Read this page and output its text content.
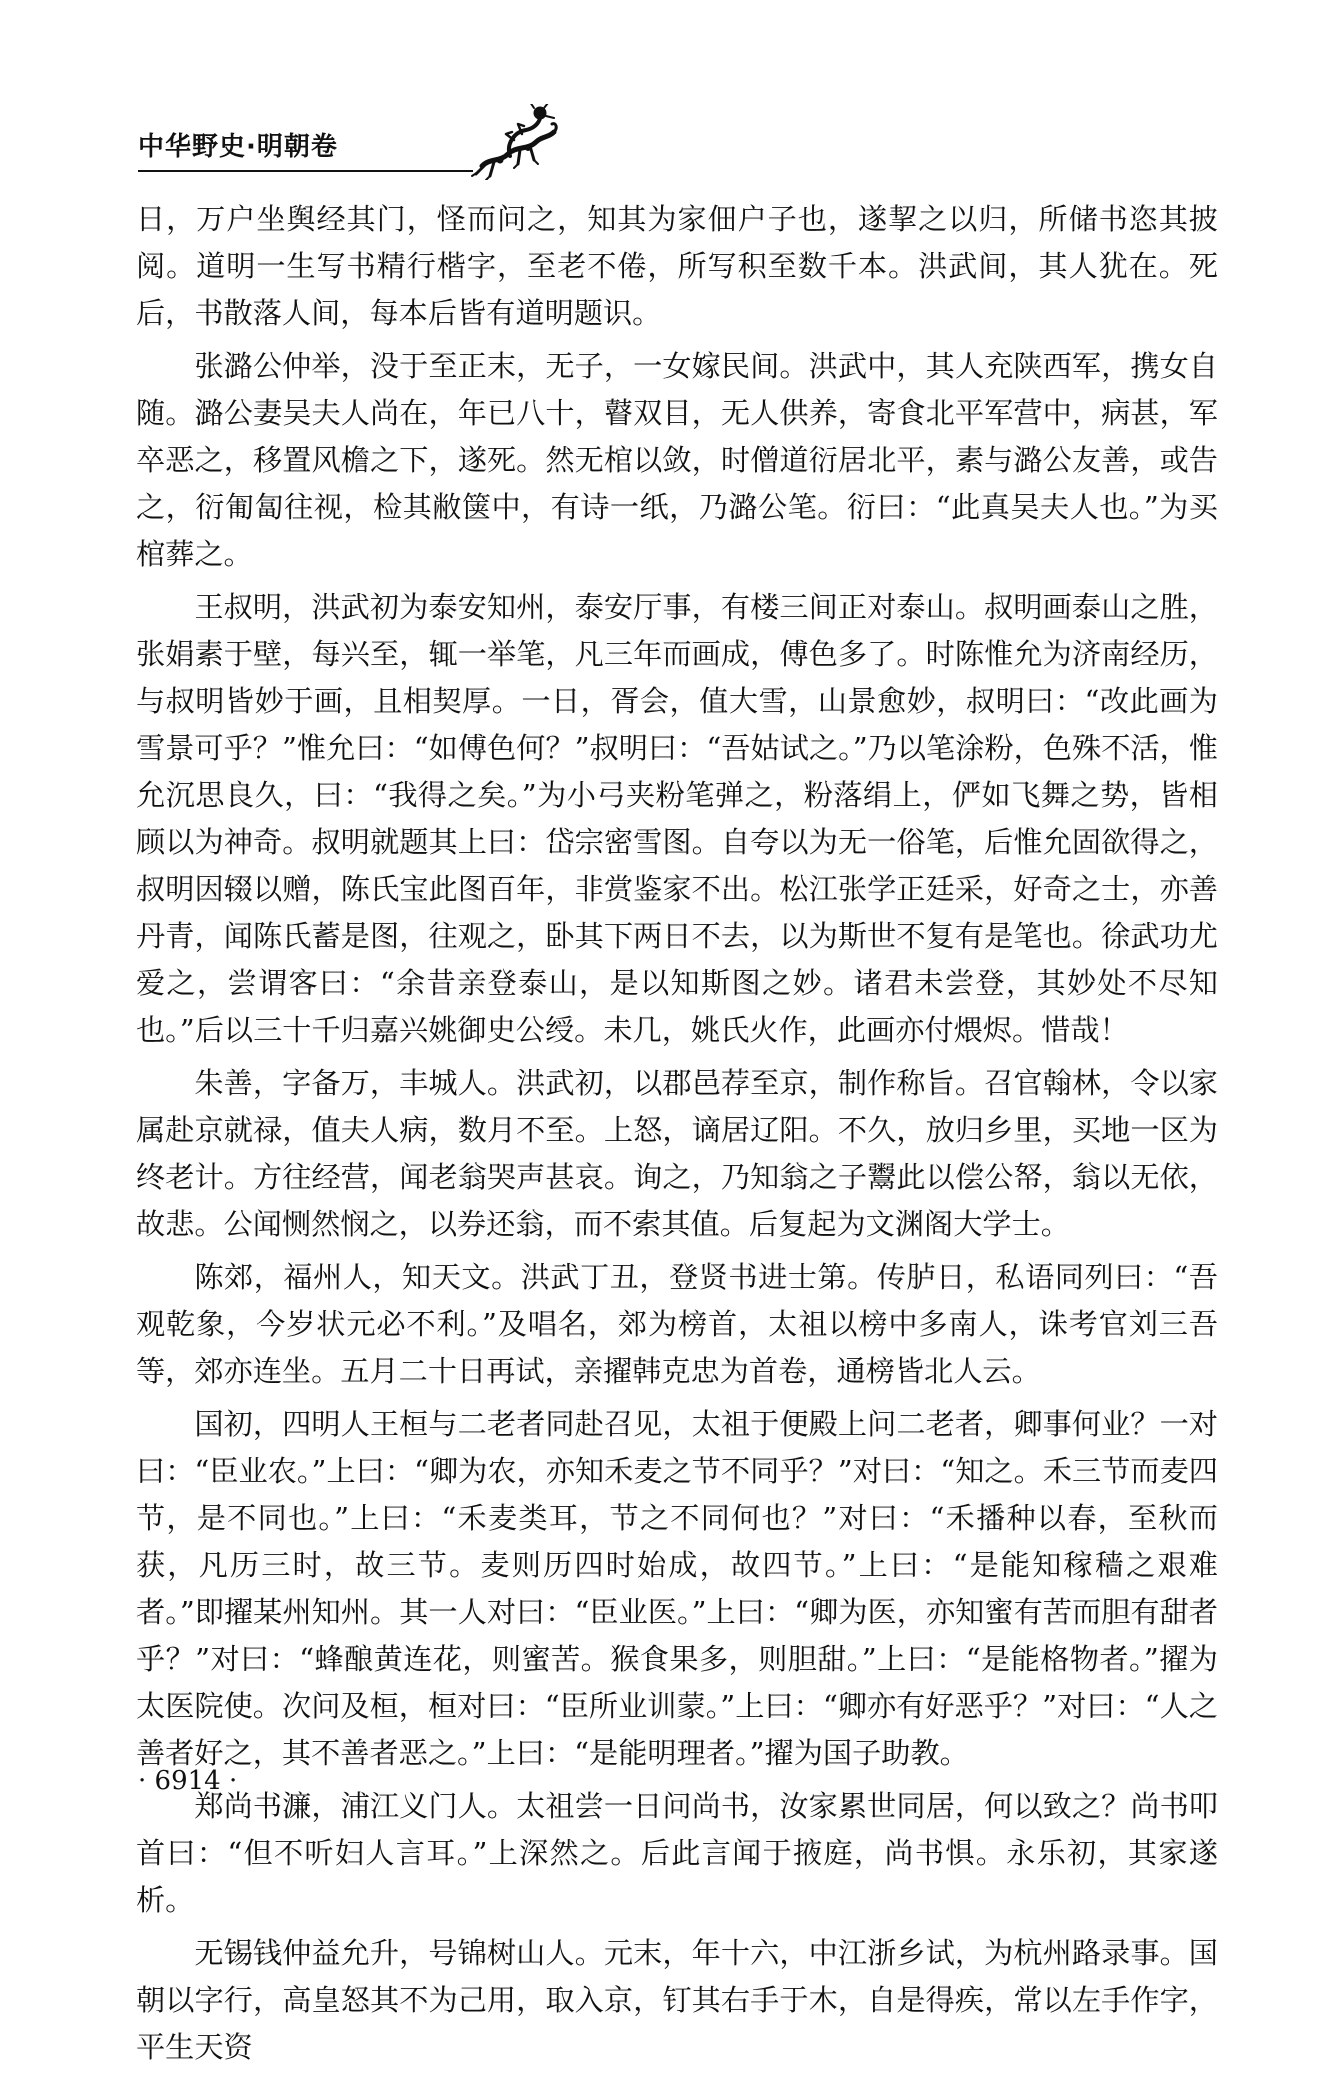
中华野史·明朝卷

日，万户坐舆经其门，怪而问之，知其为家佃户子也，遂挈之以归，所储书恣其披阅。道明一生写书精行楷字，至老不倦，所写积至数千本。洪武间，其人犹在。死后，书散落人间，每本后皆有道明题识。

张潞公仲举，没于至正末，无子，一女嫁民间。洪武中，其人充陕西军，携女自随。潞公妻吴夫人尚在，年已八十，瞽双目，无人供养，寄食北平军营中，病甚，军卒恶之，移置风檐之下，遂死。然无棺以敛，时僧道衍居北平，素与潞公友善，或告之，衍匍匐往视，检其敝箧中，有诗一纸，乃潞公笔。衍曰：“此真吴夫人也。”为买棺葬之。

王叔明，洪武初为泰安知州，泰安厅事，有楼三间正对泰山。叔明画泰山之胜，张娟素于壁，每兴至，辄一举笔，凡三年而画成，傅色多了。时陈惟允为济南经历，与叔明皆妙于画，且相契厚。一日，胥会，值大雪，山景愈妙，叔明曰：“改此画为雪景可乎？”惟允曰：“如傅色何？”叔明曰：“吾姑试之。”乃以笔涂粉，色殊不活，惟允沉思良久，曰：“我得之矣。”为小弓夹粉笔弹之，粉落绢上，俨如飞舞之势，皆相顾以为神奇。叔明就题其上曰：岱宗密雪图。自夸以为无一俗笔，后惟允固欲得之，叔明因辍以赠，陈氏宝此图百年，非赏鉴家不出。松江张学正廷采，好奇之士，亦善丹青，闻陈氏蓄是图，往观之，卧其下两日不去，以为斯世不复有是笔也。徐武功尤爱之，尝谓客曰：“余昔亲登泰山，是以知斯图之妙。诸君未尝登，其妙处不尽知也。”后以三十千归嘉兴姚御史公绶。未几，姚氏火作，此画亦付煨烬。惜哉！

朱善，字备万，丰城人。洪武初，以郡邑荐至京，制作称旨。召官翰林，令以家属赴京就禄，值夫人病，数月不至。上怒，谪居辽阳。不久，放归乡里，买地一区为终老计。方往经营，闻老翁哭声甚哀。询之，乃知翁之子鬻此以偿公帑，翁以无依，故悲。公闻恻然悯之，以券还翁，而不索其值。后复起为文渊阁大学士。

陈郊，福州人，知天文。洪武丁丑，登贤书进士第。传胪日，私语同列曰：“吾观乾象，今岁状元必不利。”及唱名，郊为榜首，太祖以榜中多南人，诛考官刘三吾等，郊亦连坐。五月二十日再试，亲擢韩克忠为首卷，通榜皆北人云。

国初，四明人王桓与二老者同赴召见，太祖于便殿上问二老者，卿事何业？一对曰：“臣业农。”上曰：“卿为农，亦知禾麦之节不同乎？”对曰：“知之。禾三节而麦四节，是不同也。”上曰：“禾麦类耳，节之不同何也？”对曰：“禾播种以春，至秋而获，凡历三时，故三节。麦则历四时始成，故四节。”上曰：“是能知稼穑之艰难者。”即擢某州知州。其一人对曰：“臣业医。”上曰：“卿为医，亦知蜜有苦而胆有甜者乎？”对曰：“蜂酿黄连花，则蜜苦。猴食果多，则胆甜。”上曰：“是能格物者。”擢为太医院使。次问及桓，桓对曰：“臣所业训蒙。”上曰：“卿亦有好恶乎？”对曰：“人之善者好之，其不善者恶之。”上曰：“是能明理者。”擢为国子助教。

郑尚书濂，浦江义门人。太祖尝一日问尚书，汝家累世同居，何以致之？尚书叩首曰：“但不听妇人言耳。”上深然之。后此言闻于掖庭，尚书惧。永乐初，其家遂析。

无锡钱仲益允升，号锦树山人。元末，年十六，中江浙乡试，为杭州路录事。国朝以字行，高皇怒其不为己用，取入京，钉其右手于木，自是得疾，常以左手作字，平生天资

· 6914 ·
